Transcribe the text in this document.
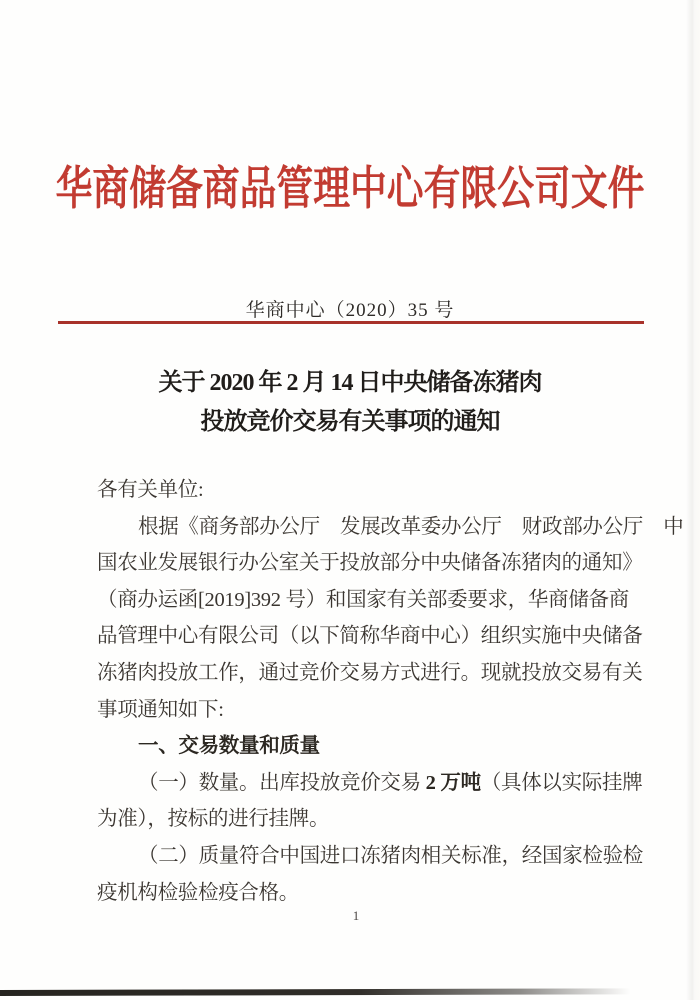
华商储备商品管理中心有限公司文件
华商中心（2020）35 号
关于 2020 年 2 月 14 日中央储备冻猪肉
投放竞价交易有关事项的通知
各有关单位:
根据《商务部办公厅　发展改革委办公厅　财政部办公厅　中
国农业发展银行办公室关于投放部分中央储备冻猪肉的通知》
（商办运函[2019]392 号）和国家有关部委要求，华商储备商
品管理中心有限公司（以下简称华商中心）组织实施中央储备
冻猪肉投放工作，通过竞价交易方式进行。现就投放交易有关
事项通知如下:
一、交易数量和质量
（一）数量。出库投放竞价交易 2 万吨（具体以实际挂牌
为准），按标的进行挂牌。
（二）质量符合中国进口冻猪肉相关标准，经国家检验检
疫机构检验检疫合格。
1
